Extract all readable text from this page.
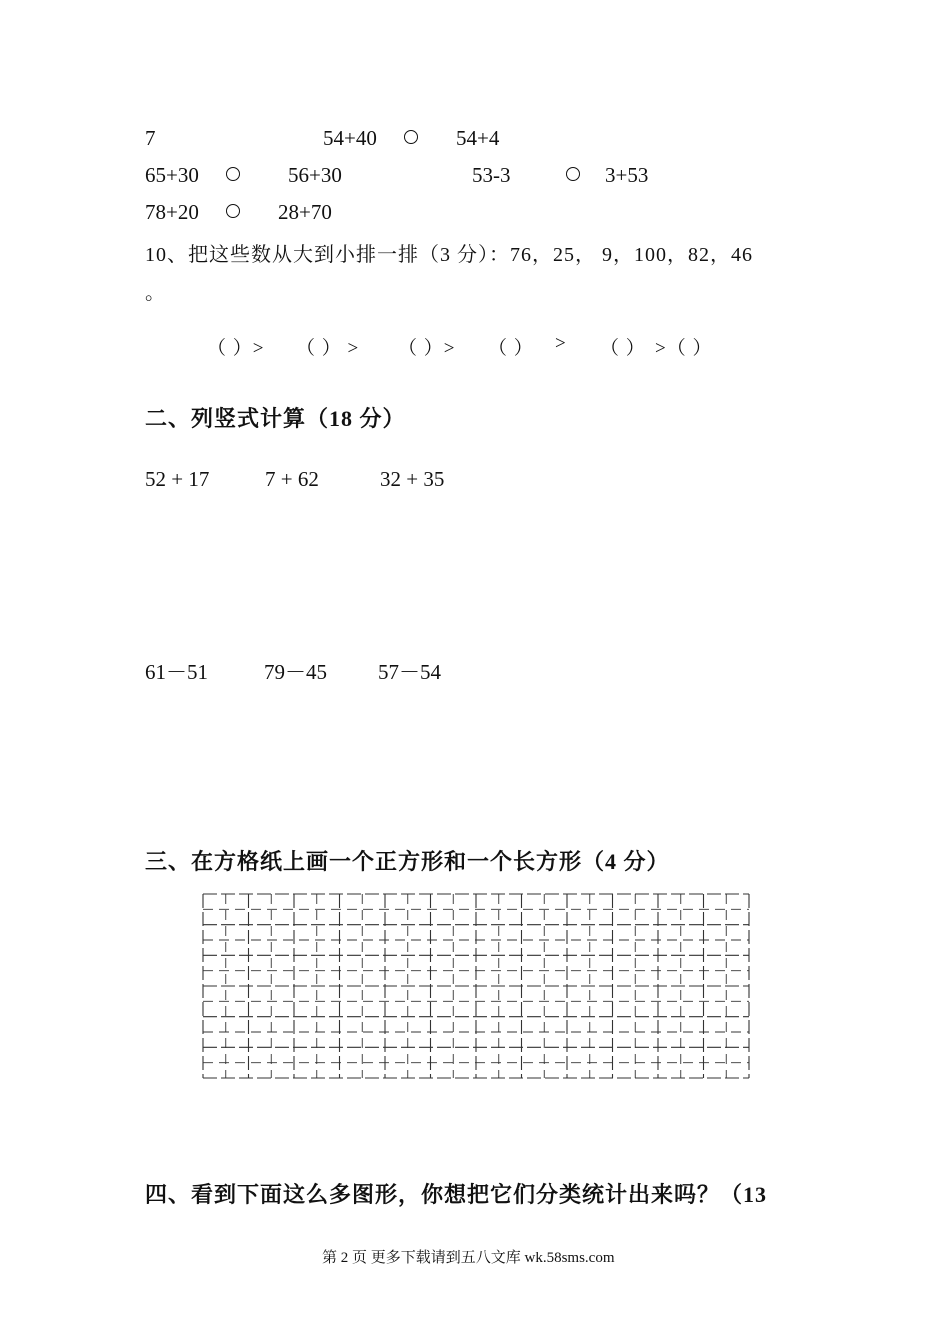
7	54+40	54+4
65+30	56+30	53-3	3+53
78+20	28+70
10、把这些数从大到小排一排（3 分）：76，25， 9，100，82，46
。
（ ）> （ ） > （ ）> （ ） > （ ） >（ ）
二、列竖式计算（18 分）
52 + 17	7 + 62	32 + 35
61－51	79－45 57－54
三、在方格纸上画一个正方形和一个长方形（4 分）
四、看到下面这么多图形，你想把它们分类统计出来吗？（13
第 2 页 更多下载请到五八文库 wk.58sms.com
